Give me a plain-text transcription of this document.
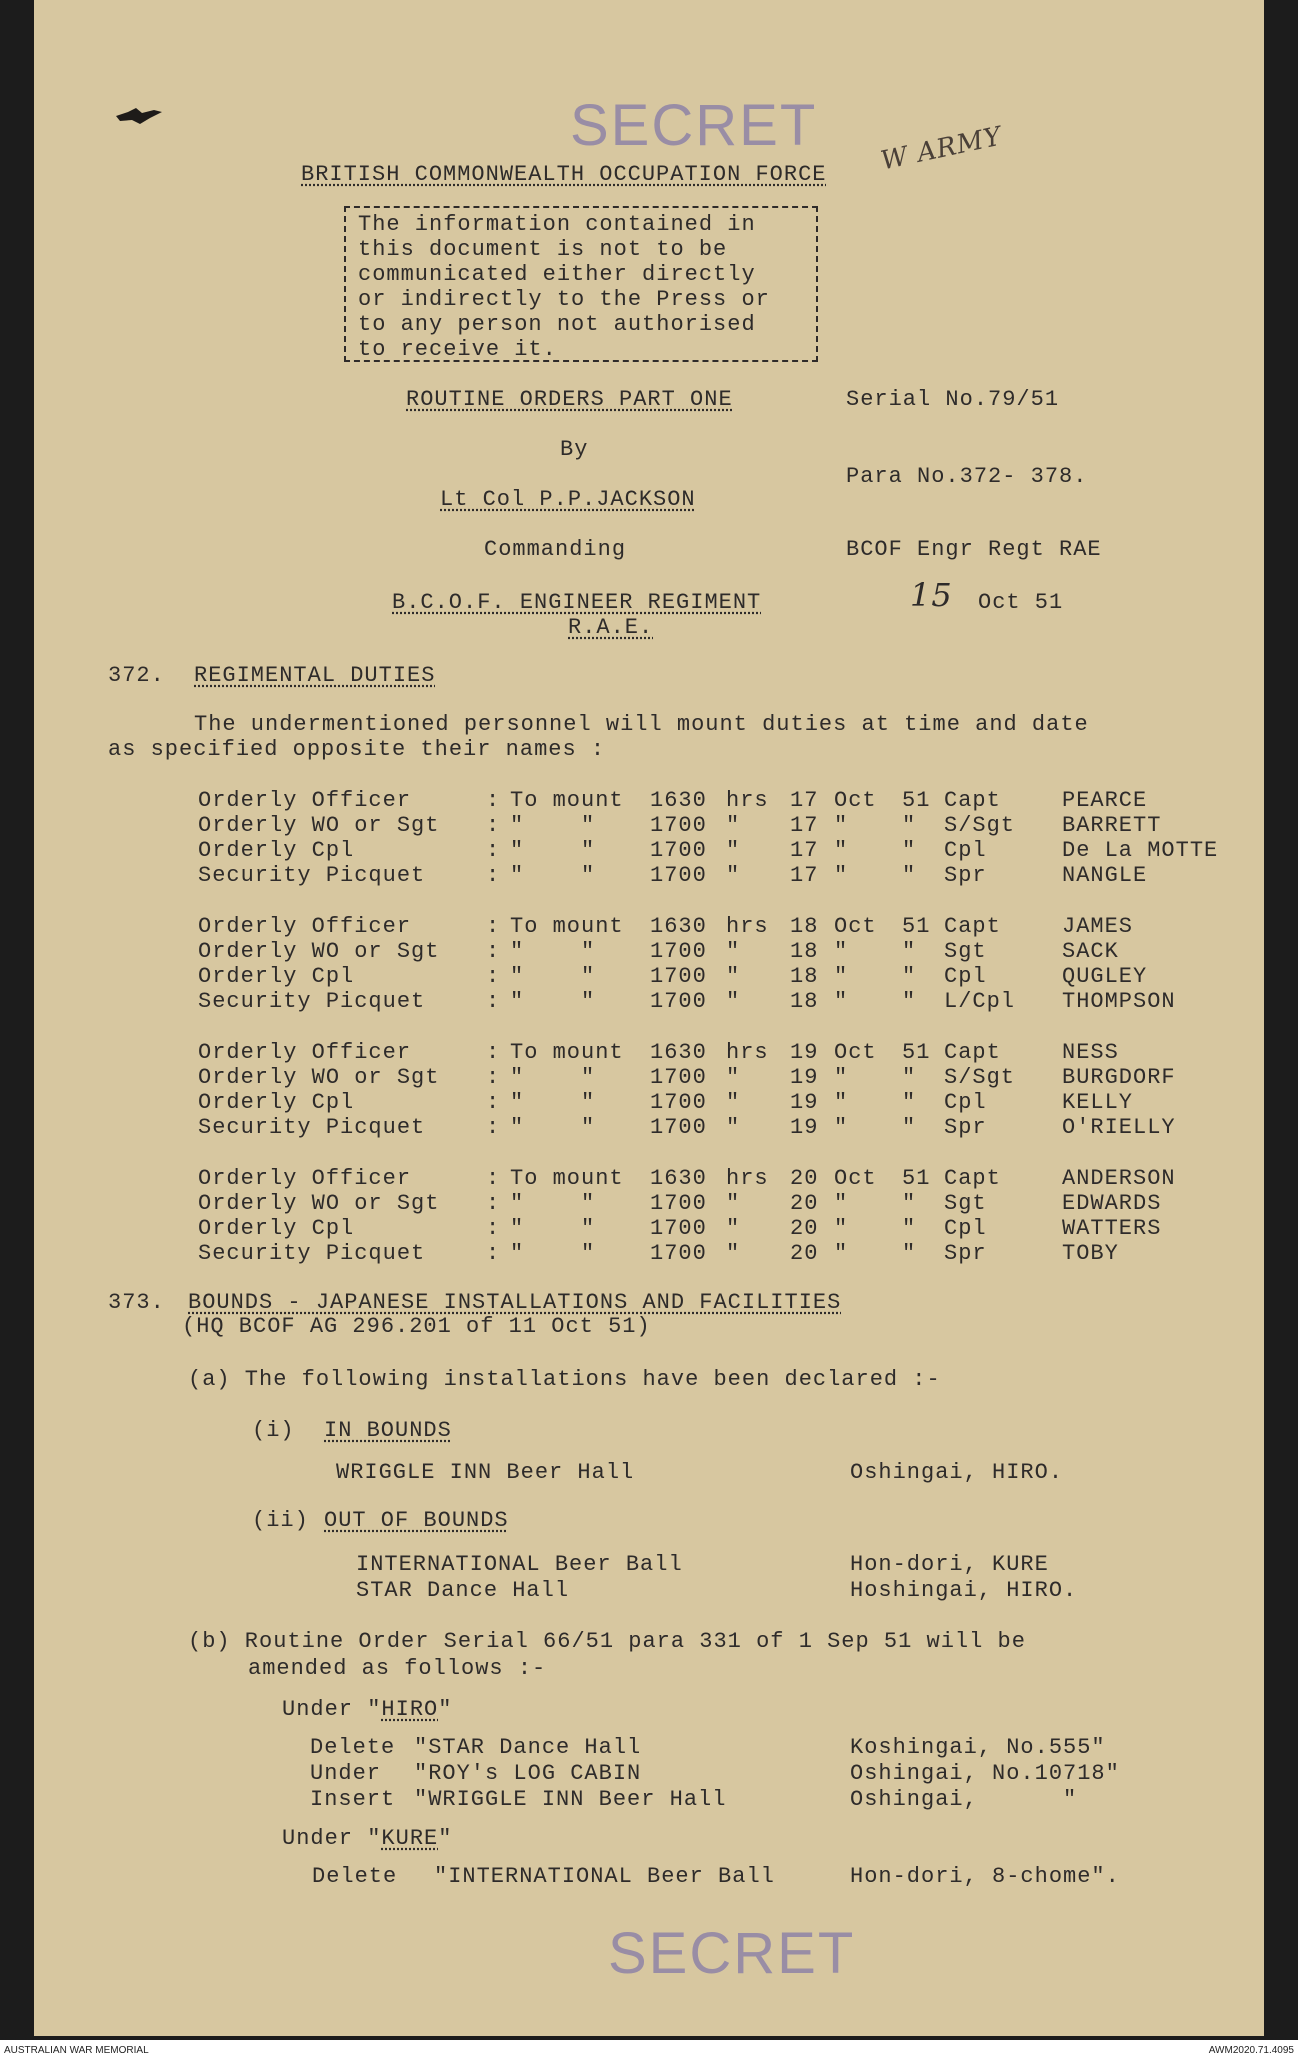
SECRET
BRITISH COMMONWEALTH OCCUPATION FORCE W ARMY
The information contained in
this document is not to be
communicated either directly
or indirectly to the Press or
to any person not authorised
to receive it.
ROUTINE ORDERS PART ONE
By
Lt Col P.P.JACKSON
Commanding
B.C.O.F. ENGINEER REGIMENT
R.A.E.
Serial No.79/51
Para No.372- 378.
BCOF Engr Regt RAE
15 Oct 51
372. REGIMENTAL DUTIES
The undermentioned personnel will mount duties at time and date
as specified opposite their names :
Orderly Officer	: To mount 1630 hrs 17 Oct 51 Capt	PEARCE
Orderly WO or Sgt : "    " 1700 " 17 " " S/Sgt BARRETT
Orderly Cpl	: "    " 1700 " 17 " " Cpl	De La MOTTE
Security Picquet	: "    " 1700 " 17 " " Spr	NANGLE
Orderly Officer	: To mount 1630 hrs 18 Oct 51 Capt	JAMES
Orderly WO or Sgt : "    " 1700 " 18 " " Sgt	SACK
Orderly Cpl	: "    " 1700 " 18 " " Cpl	QUGLEY
Security Picquet	: "    " 1700 " 18 " " L/Cpl THOMPSON
Orderly Officer	: To mount 1630 hrs 19 Oct 51 Capt	NESS
Orderly WO or Sgt : "    " 1700 " 19 " " S/Sgt BURGDORF
Orderly Cpl	: "    " 1700 " 19 " " Cpl	KELLY
Security Picquet	: "    " 1700 " 19 " " Spr	O'RIELLY
Orderly Officer	: To mount 1630 hrs 20 Oct 51 Capt	ANDERSON
Orderly WO or Sgt : "    " 1700 " 20 " " Sgt	EDWARDS
Orderly Cpl	: "    " 1700 " 20 " " Cpl	WATTERS
Security Picquet	: "    " 1700 " 20 " " Spr	TOBY
373. BOUNDS - JAPANESE INSTALLATIONS AND FACILITIES
(HQ BCOF AG 296.201 of 11 Oct 51)
(a) The following installations have been declared :-
(i) IN BOUNDS
WRIGGLE INN Beer Hall	Oshingai, HIRO.
(ii) OUT OF BOUNDS
INTERNATIONAL Beer Ball	Hon-dori, KURE
STAR Dance Hall	Hoshingai, HIRO.
(b) Routine Order Serial 66/51 para 331 of 1 Sep 51 will be
amended as follows :-
Under "HIRO"
Delete "STAR Dance Hall	Koshingai, No.555"
Under "ROY's LOG CABIN	Oshingai, No.10718"
Insert "WRIGGLE INN Beer Hall	Oshingai,      "
Under "KURE"
Delete "INTERNATIONAL Beer Ball	Hon-dori, 8-chome".
SECRET
AUSTRALIAN WAR MEMORIAL	AWM2020.71.4095
